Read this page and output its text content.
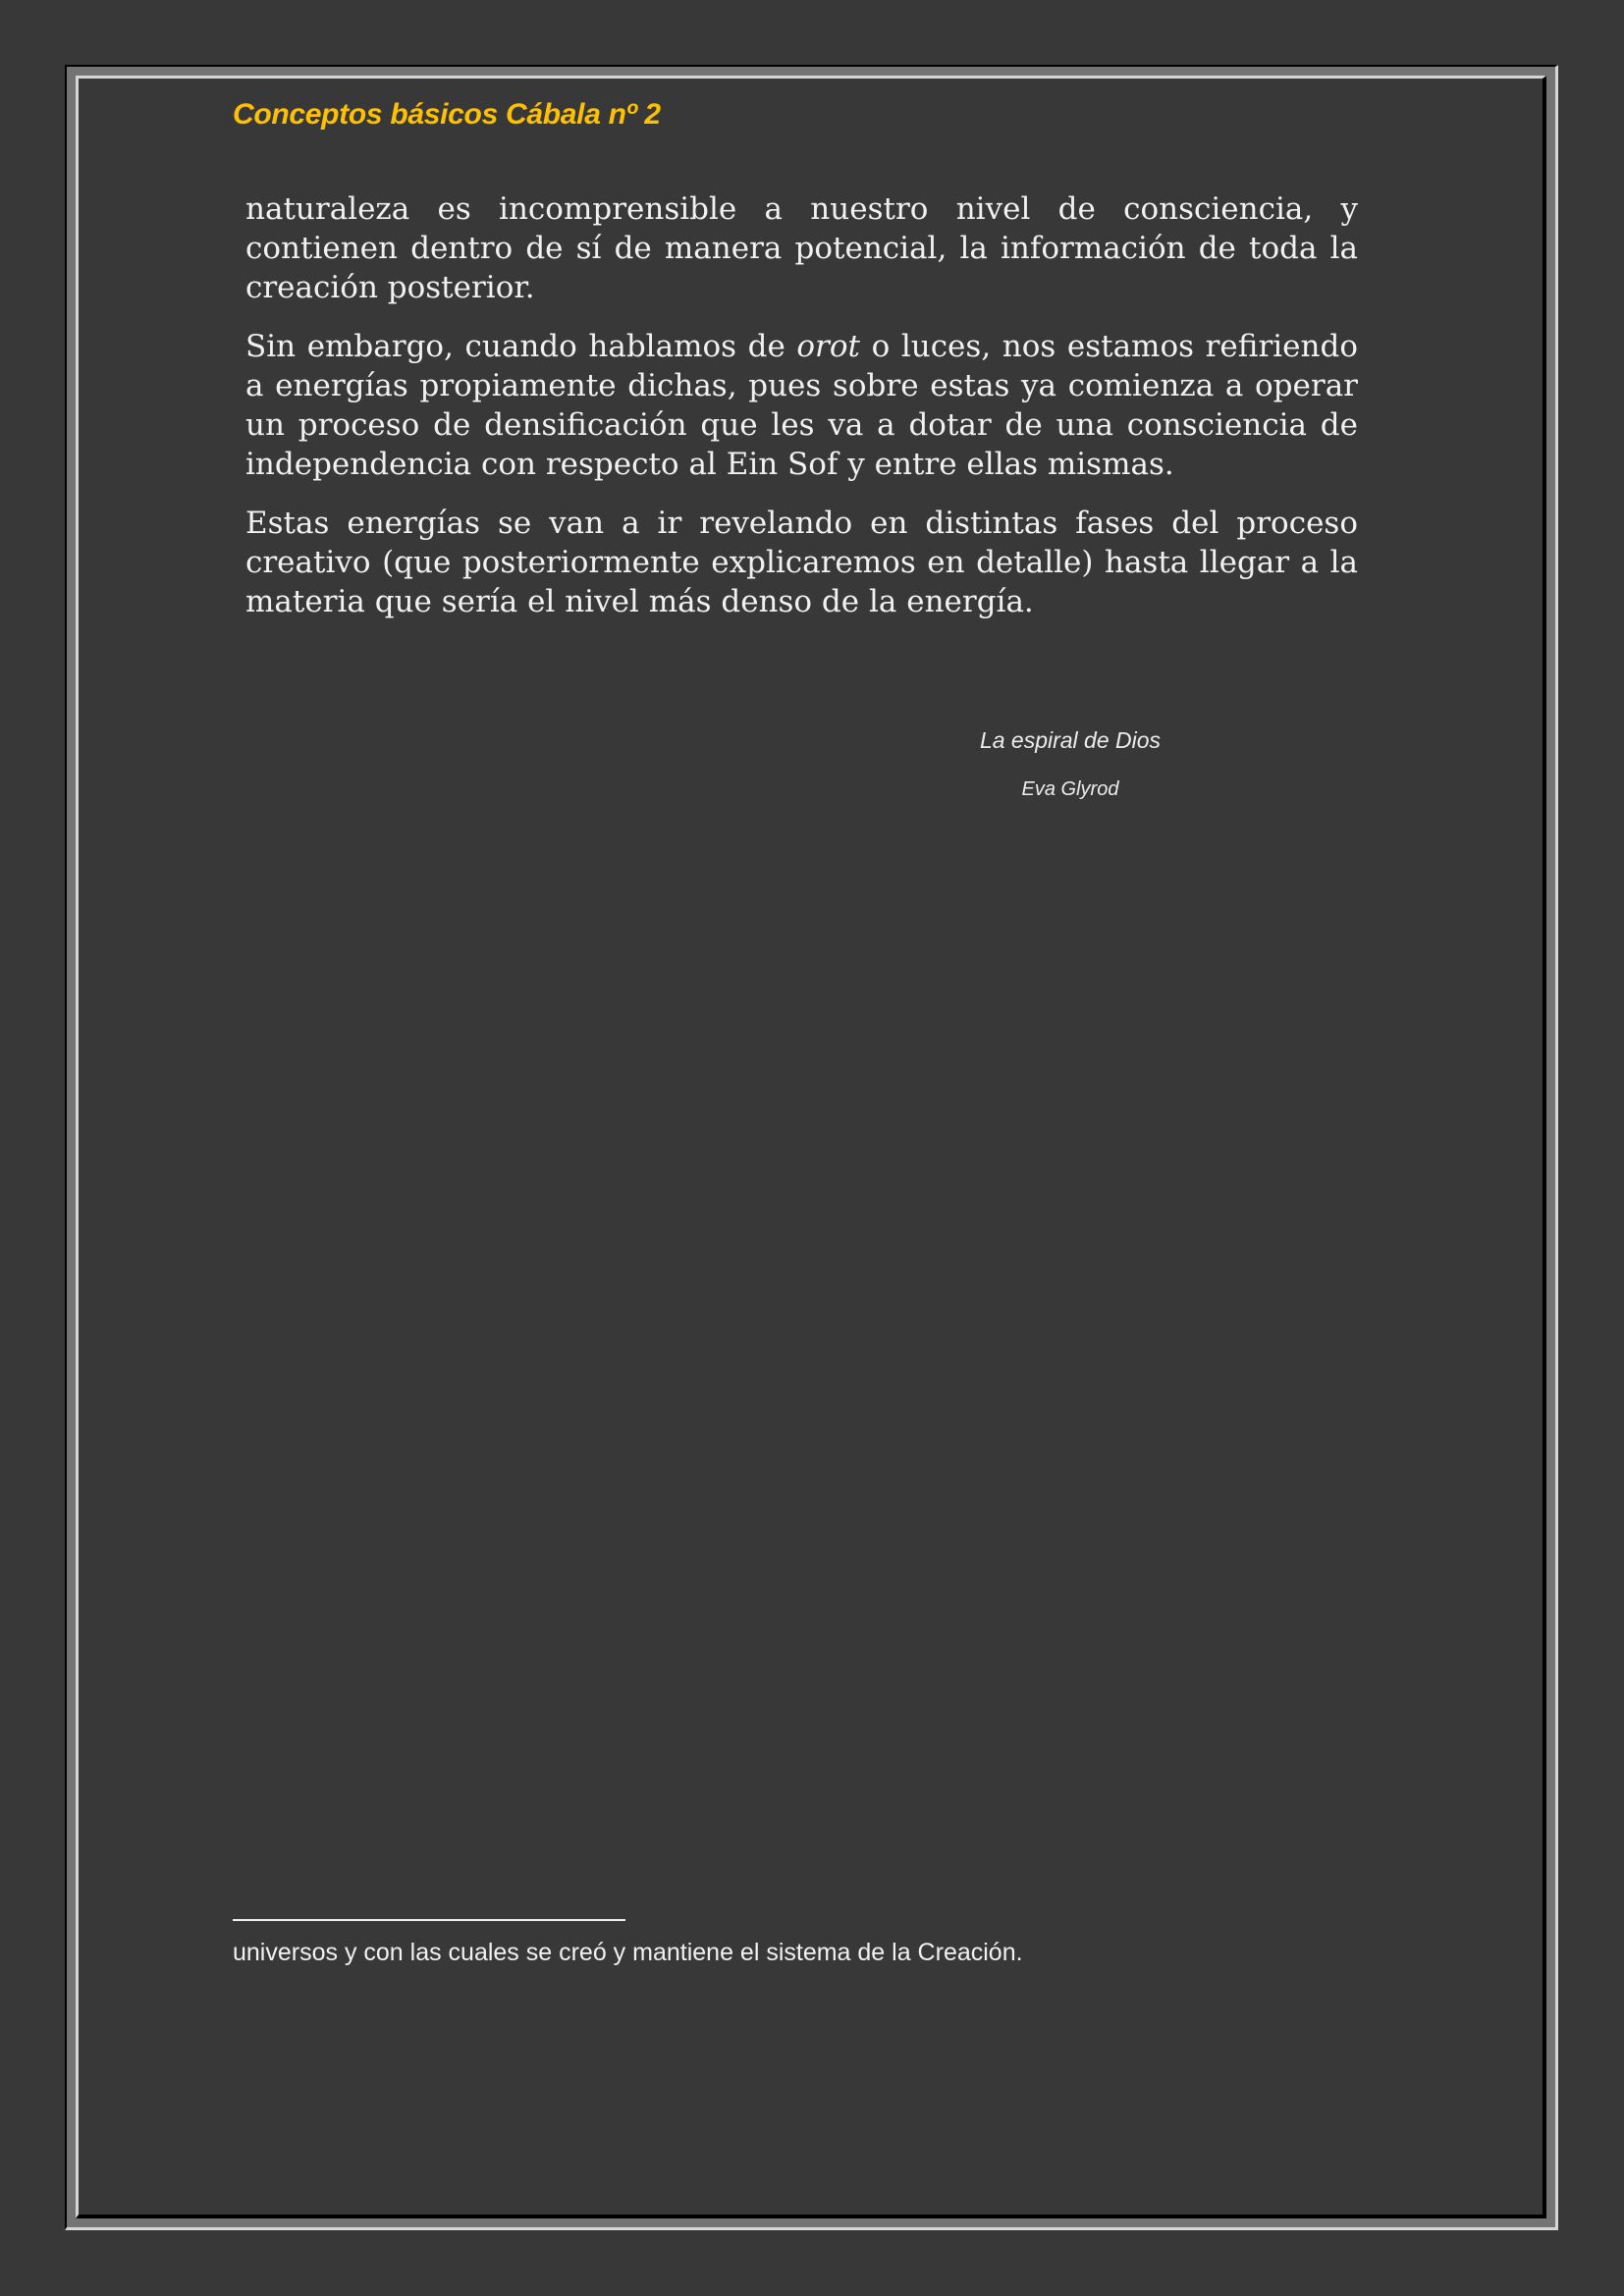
Conceptos básicos Cábala nº 2

naturaleza es incomprensible a nuestro nivel de consciencia, y contienen dentro de sí de manera potencial, la información de toda la creación posterior.

Sin embargo, cuando hablamos de orot o luces, nos estamos refiriendo a energías propiamente dichas, pues sobre estas ya comienza a operar un proceso de densificación que les va a dotar de una consciencia de independencia con respecto al Ein Sof y entre ellas mismas.

Estas energías se van a ir revelando en distintas fases del proceso creativo (que posteriormente explicaremos en detalle) hasta llegar a la materia que sería el nivel más denso de la energía.

La espiral de Dios
Eva Glyrod
universos y con las cuales se creó y mantiene el sistema de la Creación.
